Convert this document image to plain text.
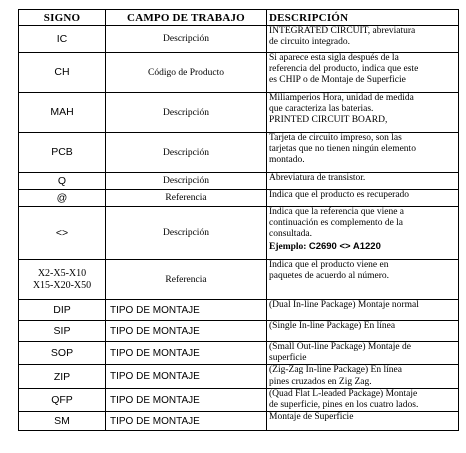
SIGNO	CAMPO DE TRABAJO	DESCRIPCIÓN

IC	Descripción	INTEGRATED CIRCUIT, abreviatura
de circuito integrado.

CH	Código de Producto	Si aparece esta sigla después de la
referencia del producto, indica que este
es CHIP o de Montaje de Superficie

MAH	Descripción	Miliamperios Hora, unidad de medida
que caracteriza las baterias.
PRINTED CIRCUIT BOARD,

PCB	Descripción	Tarjeta de circuito impreso, son las
tarjetas que no tienen ningún elemento
montado.

Q	Descripción	Abreviatura de transistor.

@	Referencia	Indica que el producto es recuperado

<>	Descripción	Indica que la referencia que viene a
continuación es complemento de la
consultada.
Ejemplo: C2690 <> A1220

X2-X5-X10
X15-X20-X50	Referencia	Indica que el producto viene en
paquetes de acuerdo al número.

DIP	TIPO DE MONTAJE	(Dual In-line Package) Montaje normal

SIP	TIPO DE MONTAJE	(Single In-line Package) En línea

SOP	TIPO DE MONTAJE	(Small Out-line Package) Montaje de
superficie

ZIP	TIPO DE MONTAJE	(Zig-Zag In-line Package) En línea
pines cruzados en Zig Zag.

QFP	TIPO DE MONTAJE	(Quad Flat L-leaded Package) Montaje
de superficie, pines en los cuatro lados.

SM	TIPO DE MONTAJE	Montaje de Superficie
